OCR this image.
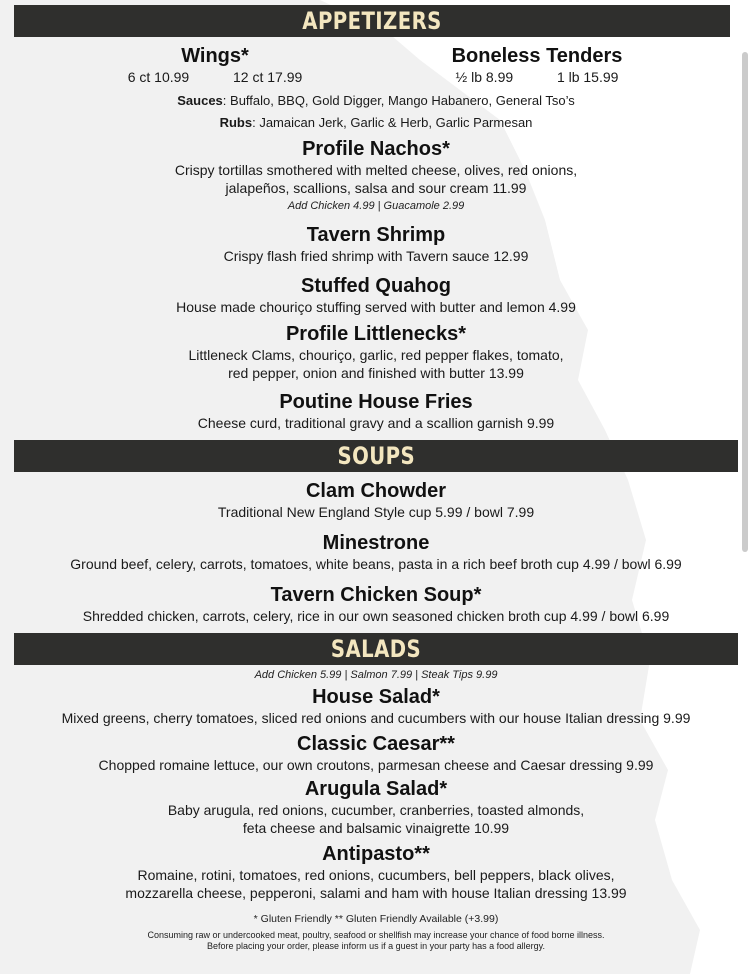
APPETIZERS
Wings*
6 ct 10.99	12 ct 17.99
Boneless Tenders
½ lb 8.99	1 lb 15.99
Sauces: Buffalo, BBQ, Gold Digger, Mango Habanero, General Tso’s
Rubs: Jamaican Jerk, Garlic & Herb, Garlic Parmesan
Profile Nachos*
Crispy tortillas smothered with melted cheese, olives, red onions,
jalapeños, scallions, salsa and sour cream 11.99
Add Chicken 4.99 | Guacamole 2.99
Tavern Shrimp
Crispy flash fried shrimp with Tavern sauce 12.99
Stuffed Quahog
House made chouriço stuffing served with butter and lemon 4.99
Profile Littlenecks*
Littleneck Clams, chouriço, garlic, red pepper flakes, tomato,
red pepper, onion and finished with butter 13.99
Poutine House Fries
Cheese curd, traditional gravy and a scallion garnish 9.99
SOUPS
Clam Chowder
Traditional New England Style cup 5.99 / bowl 7.99
Minestrone
Ground beef, celery, carrots, tomatoes, white beans, pasta in a rich beef broth cup 4.99 / bowl 6.99
Tavern Chicken Soup*
Shredded chicken, carrots, celery, rice in our own seasoned chicken broth cup 4.99 / bowl 6.99
SALADS
Add Chicken 5.99 | Salmon 7.99 | Steak Tips 9.99
House Salad*
Mixed greens, cherry tomatoes, sliced red onions and cucumbers with our house Italian dressing 9.99
Classic Caesar**
Chopped romaine lettuce, our own croutons, parmesan cheese and Caesar dressing 9.99
Arugula Salad*
Baby arugula, red onions, cucumber, cranberries, toasted almonds,
feta cheese and balsamic vinaigrette 10.99
Antipasto**
Romaine, rotini, tomatoes, red onions, cucumbers, bell peppers, black olives,
mozzarella cheese, pepperoni, salami and ham with house Italian dressing 13.99
* Gluten Friendly ** Gluten Friendly Available (+3.99)
Consuming raw or undercooked meat, poultry, seafood or shellfish may increase your chance of food borne illness.
Before placing your order, please inform us if a guest in your party has a food allergy.
